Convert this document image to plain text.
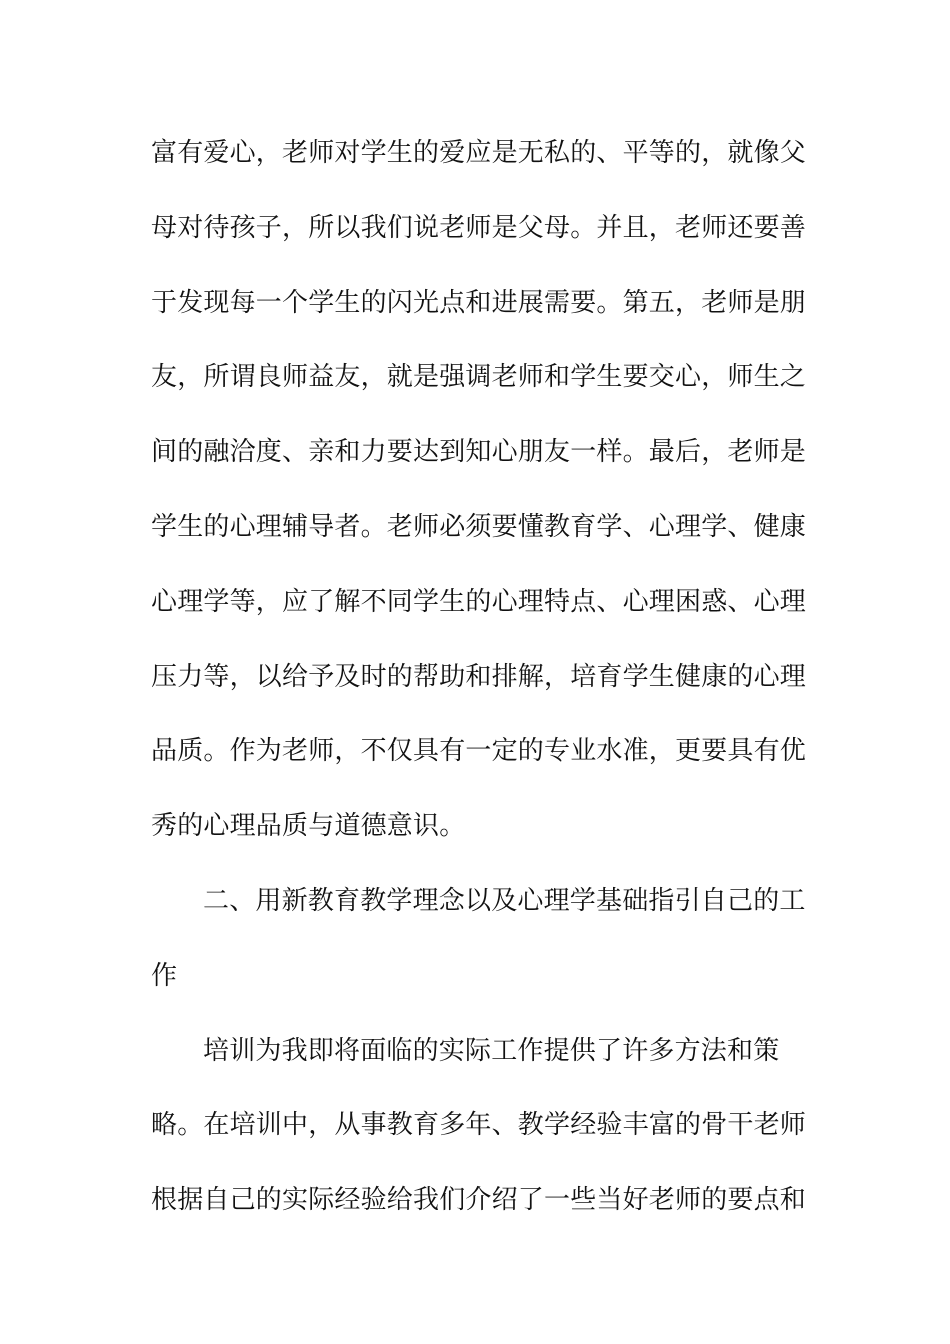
富有爱心，老师对学生的爱应是无私的、平等的，就像父
母对待孩子，所以我们说老师是父母。并且，老师还要善
于发现每一个学生的闪光点和进展需要。第五，老师是朋
友，所谓良师益友，就是强调老师和学生要交心，师生之
间的融洽度、亲和力要达到知心朋友一样。最后，老师是
学生的心理辅导者。老师必须要懂教育学、心理学、健康
心理学等，应了解不同学生的心理特点、心理困惑、心理
压力等，以给予及时的帮助和排解，培育学生健康的心理
品质。作为老师，不仅具有一定的专业水准，更要具有优
秀的心理品质与道德意识。
二、用新教育教学理念以及心理学基础指引自己的工
作
培训为我即将面临的实际工作提供了许多方法和策
略。在培训中，从事教育多年、教学经验丰富的骨干老师
根据自己的实际经验给我们介绍了一些当好老师的要点和
